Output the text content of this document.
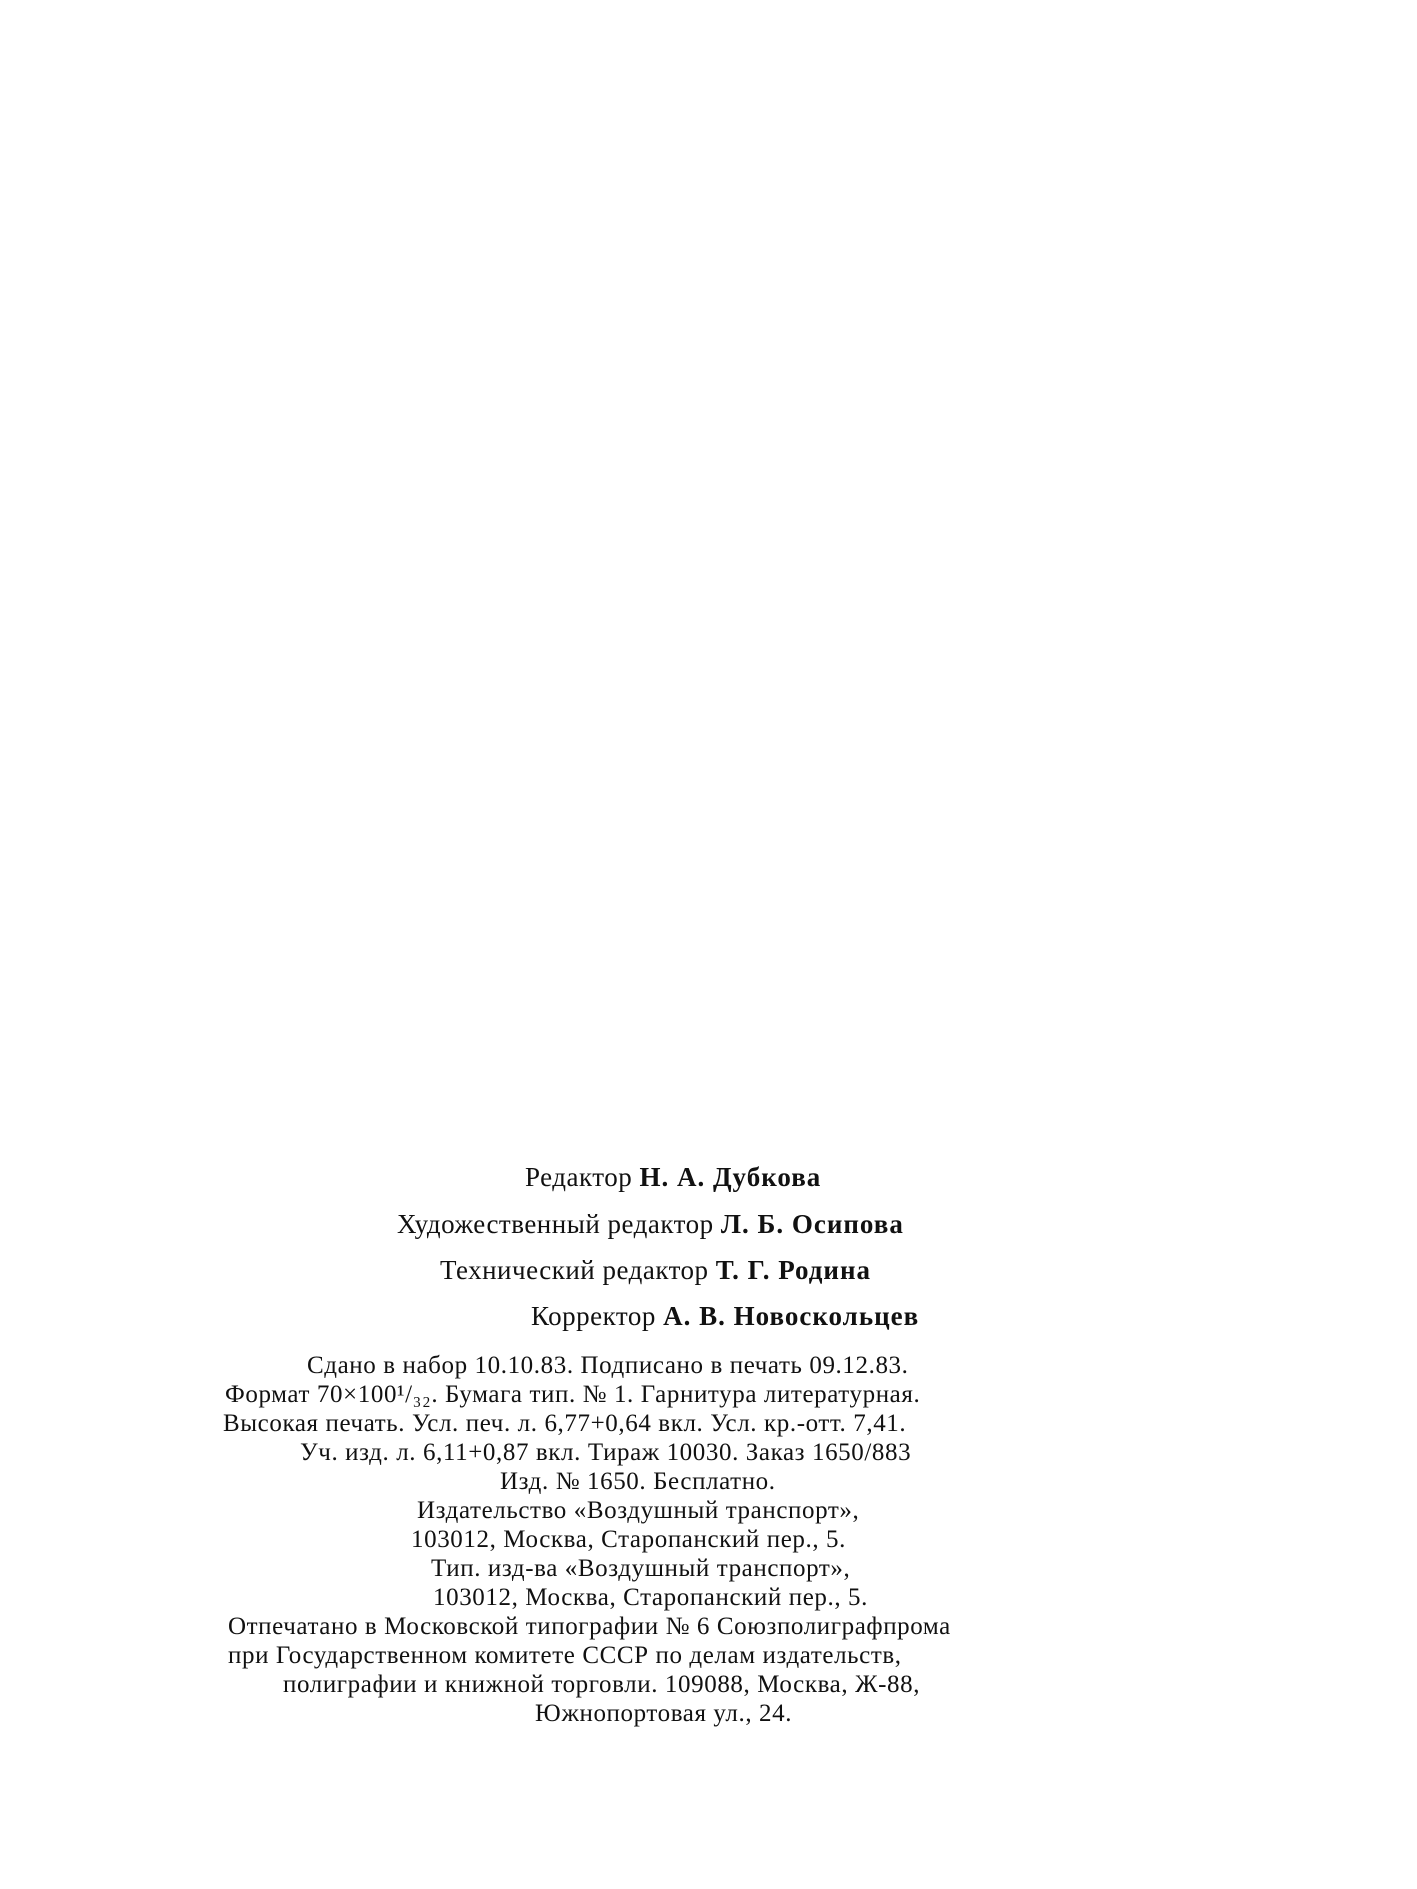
Редактор Н. А. Дубкова
Художественный редактор Л. Б. Осипова
Технический редактор Т. Г. Родина
Корректор А. В. Новоскольцев
Сдано в набор 10.10.83. Подписано в печать 09.12.83.
Формат 70×100¹/₃₂. Бумага тип. № 1. Гарнитура литературная.
Высокая печать. Усл. печ. л. 6,77+0,64 вкл. Усл. кр.-отт. 7,41.
Уч. изд. л. 6,11+0,87 вкл. Тираж 10030. Заказ 1650/883
Изд. № 1650. Бесплатно.
Издательство «Воздушный транспорт»,
103012, Москва, Старопанский пер., 5.
Тип. изд-ва «Воздушный транспорт»,
103012, Москва, Старопанский пер., 5.
Отпечатано в Московской типографии № 6 Союзполиграфпрома
при Государственном комитете СССР по делам издательств,
полиграфии и книжной торговли. 109088, Москва, Ж-88,
Южнопортовая ул., 24.
